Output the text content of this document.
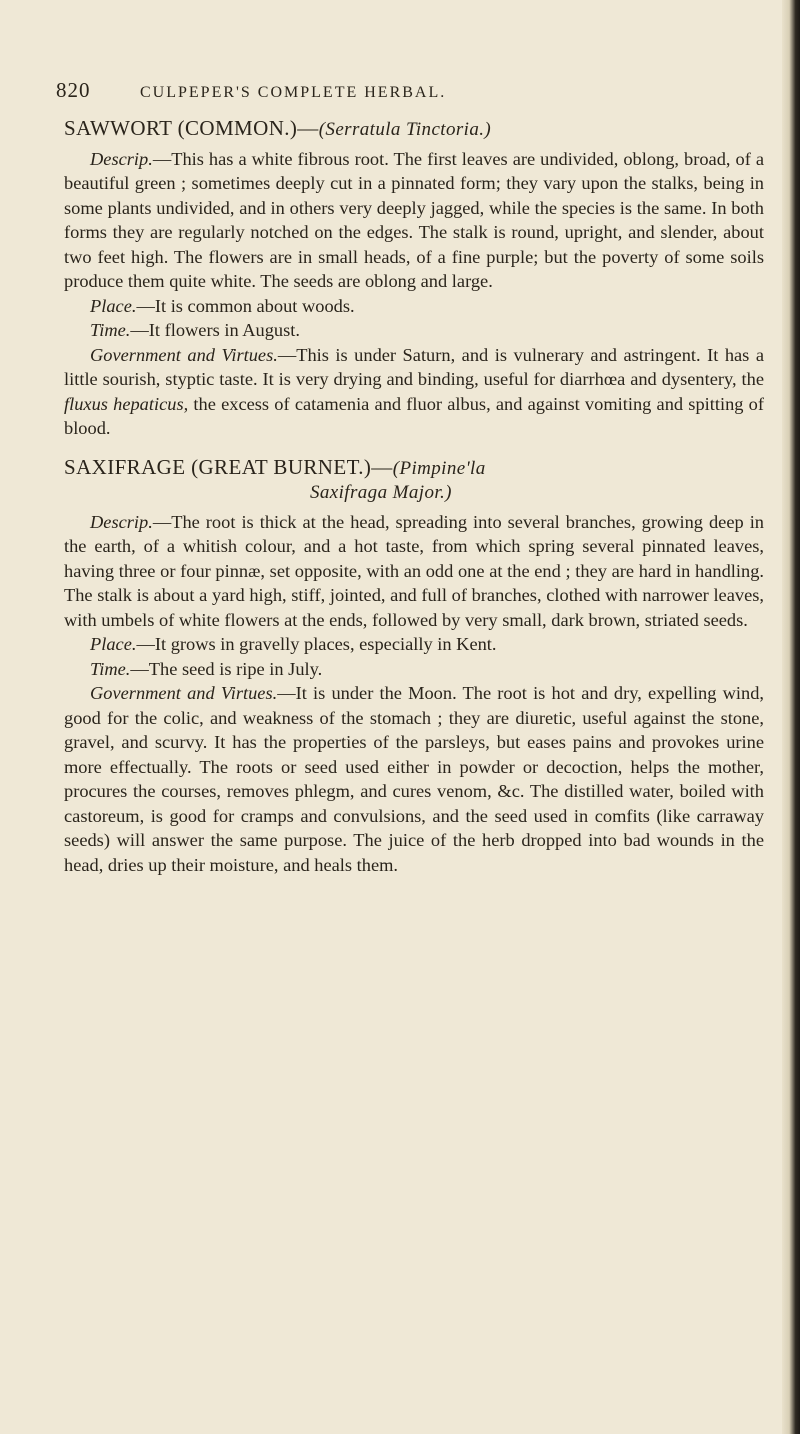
820	CULPEPER'S COMPLETE HERBAL.
SAWWORT (COMMON.)—(Serratula Tinctoria.)

Descrip.—This has a white fibrous root. The first leaves are undivided, oblong, broad, of a beautiful green ; sometimes deeply cut in a pinnated form; they vary upon the stalks, being in some plants undivided, and in others very deeply jagged, while the species is the same. In both forms they are regularly notched on the edges. The stalk is round, upright, and slender, about two feet high. The flowers are in small heads, of a fine purple; but the poverty of some soils produce them quite white. The seeds are oblong and large.

Place.—It is common about woods.

Time.—It flowers in August.

Government and Virtues.—This is under Saturn, and is vulnerary and astringent. It has a little sourish, styptic taste. It is very drying and binding, useful for diarrhœa and dysentery, the fluxus hepaticus, the excess of catamenia and fluor albus, and against vomiting and spitting of blood.

SAXIFRAGE (GREAT BURNET.)—(Pimpine'la
Saxifraga Major.)

Descrip.—The root is thick at the head, spreading into several branches, growing deep in the earth, of a whitish colour, and a hot taste, from which spring several pinnated leaves, having three or four pinnæ, set opposite, with an odd one at the end ; they are hard in handling. The stalk is about a yard high, stiff, jointed, and full of branches, clothed with narrower leaves, with umbels of white flowers at the ends, followed by very small, dark brown, striated seeds.

Place.—It grows in gravelly places, especially in Kent.

Time.—The seed is ripe in July.

Government and Virtues.—It is under the Moon. The root is hot and dry, expelling wind, good for the colic, and weakness of the stomach ; they are diuretic, useful against the stone, gravel, and scurvy. It has the properties of the parsleys, but eases pains and provokes urine more effectually. The roots or seed used either in powder or decoction, helps the mother, procures the courses, removes phlegm, and cures venom, &c. The distilled water, boiled with castoreum, is good for cramps and convulsions, and the seed used in comfits (like carraway seeds) will answer the same purpose. The juice of the herb dropped into bad wounds in the head, dries up their moisture, and heals them.
